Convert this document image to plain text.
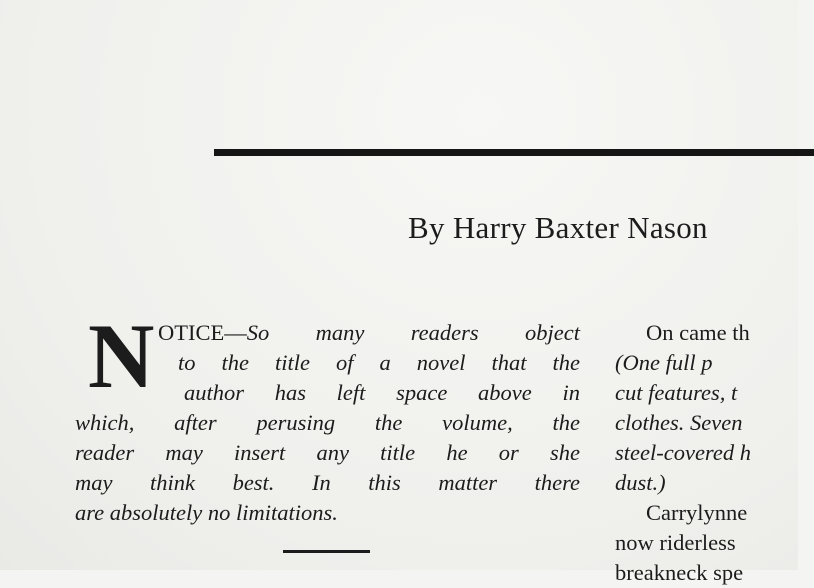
By Harry Baxter Nason
N OTICE—So many readers object
to the title of a novel that the
author has left space above in
which, after perusing the volume, the
reader may insert any title he or she
may think best. In this matter there
are absolutely no limitations.
On came th
(One full p
cut features, t
clothes. Seven
steel-covered h
dust.)
Carrylynne
now riderless
breakneck spe
